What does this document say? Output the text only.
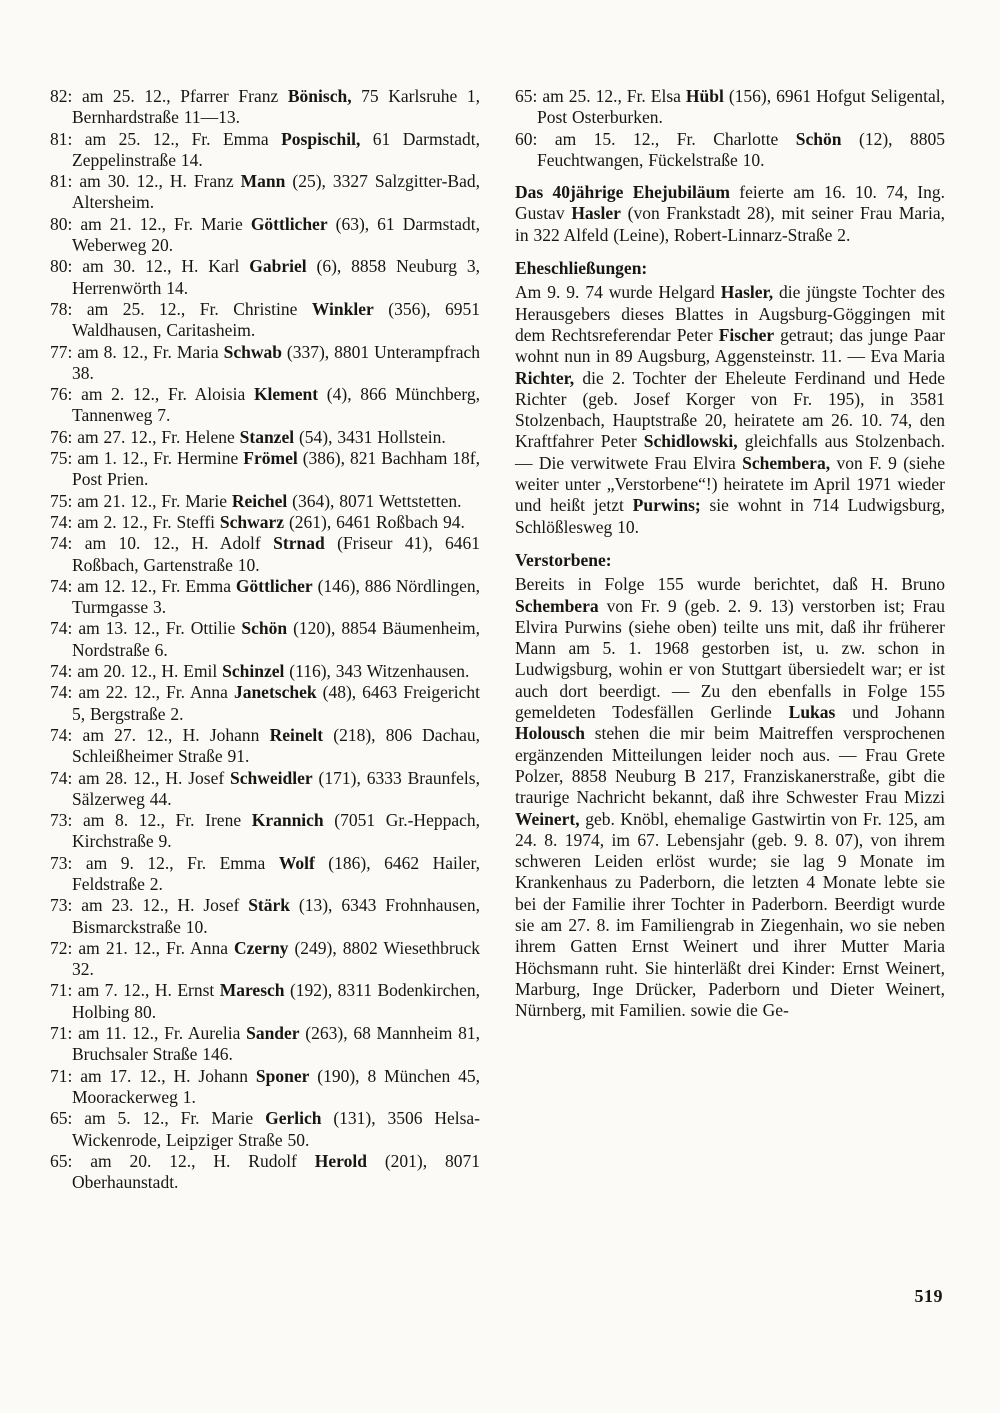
82: am 25. 12., Pfarrer Franz Bönisch, 75 Karlsruhe 1, Bernhardstraße 11—13.

81: am 25. 12., Fr. Emma Pospischil, 61 Darmstadt, Zeppelinstraße 14.

81: am 30. 12., H. Franz Mann (25), 3327 Salzgitter-Bad, Altersheim.

80: am 21. 12., Fr. Marie Göttlicher (63), 61 Darmstadt, Weberweg 20.

80: am 30. 12., H. Karl Gabriel (6), 8858 Neuburg 3, Herrenwörth 14.

78: am 25. 12., Fr. Christine Winkler (356), 6951 Waldhausen, Caritasheim.

77: am 8. 12., Fr. Maria Schwab (337), 8801 Unterampfrach 38.

76: am 2. 12., Fr. Aloisia Klement (4), 866 Münchberg, Tannenweg 7.

76: am 27. 12., Fr. Helene Stanzel (54), 3431 Hollstein.

75: am 1. 12., Fr. Hermine Frömel (386), 821 Bachham 18f, Post Prien.

75: am 21. 12., Fr. Marie Reichel (364), 8071 Wettstetten.

74: am 2. 12., Fr. Steffi Schwarz (261), 6461 Roßbach 94.

74: am 10. 12., H. Adolf Strnad (Friseur 41), 6461 Roßbach, Gartenstraße 10.

74: am 12. 12., Fr. Emma Göttlicher (146), 886 Nördlingen, Turmgasse 3.

74: am 13. 12., Fr. Ottilie Schön (120), 8854 Bäumenheim, Nordstraße 6.

74: am 20. 12., H. Emil Schinzel (116), 343 Witzenhausen.

74: am 22. 12., Fr. Anna Janetschek (48), 6463 Freigericht 5, Bergstraße 2.

74: am 27. 12., H. Johann Reinelt (218), 806 Dachau, Schleißheimer Straße 91.

74: am 28. 12., H. Josef Schweidler (171), 6333 Braunfels, Sälzerweg 44.

73: am 8. 12., Fr. Irene Krannich (7051 Gr.-Heppach, Kirchstraße 9.

73: am 9. 12., Fr. Emma Wolf (186), 6462 Hailer, Feldstraße 2.

73: am 23. 12., H. Josef Stärk (13), 6343 Frohnhausen, Bismarckstraße 10.

72: am 21. 12., Fr. Anna Czerny (249), 8802 Wiesethbruck 32.

71: am 7. 12., H. Ernst Maresch (192), 8311 Bodenkirchen, Holbing 80.

71: am 11. 12., Fr. Aurelia Sander (263), 68 Mannheim 81, Bruchsaler Straße 146.

71: am 17. 12., H. Johann Sponer (190), 8 München 45, Moorackerweg 1.

65: am 5. 12., Fr. Marie Gerlich (131), 3506 Helsa-Wickenrode, Leipziger Straße 50.

65: am 20. 12., H. Rudolf Herold (201), 8071 Oberhaunstadt.

65: am 25. 12., Fr. Elsa Hübl (156), 6961 Hofgut Seligental, Post Osterburken.

60: am 15. 12., Fr. Charlotte Schön (12), 8805 Feuchtwangen, Fückelstraße 10.

Das 40jährige Ehejubiläum feierte am 16. 10. 74, Ing. Gustav Hasler (von Frankstadt 28), mit seiner Frau Maria, in 322 Alfeld (Leine), Robert-Linnarz-Straße 2.

Eheschließungen:

Am 9. 9. 74 wurde Helgard Hasler, die jüngste Tochter des Herausgebers dieses Blattes in Augsburg-Göggingen mit dem Rechtsreferendar Peter Fischer getraut; das junge Paar wohnt nun in 89 Augsburg, Aggensteinstr. 11. — Eva Maria Richter, die 2. Tochter der Eheleute Ferdinand und Hede Richter (geb. Josef Korger von Fr. 195), in 3581 Stolzenbach, Hauptstraße 20, heiratete am 26. 10. 74, den Kraftfahrer Peter Schidlowski, gleichfalls aus Stolzenbach. — Die verwitwete Frau Elvira Schembera, von F. 9 (siehe weiter unter „Verstorbene“!) heiratete im April 1971 wieder und heißt jetzt Purwins; sie wohnt in 714 Ludwigsburg, Schlößlesweg 10.

Verstorbene:

Bereits in Folge 155 wurde berichtet, daß H. Bruno Schembera von Fr. 9 (geb. 2. 9. 13) verstorben ist; Frau Elvira Purwins (siehe oben) teilte uns mit, daß ihr früherer Mann am 5. 1. 1968 gestorben ist, u. zw. schon in Ludwigsburg, wohin er von Stuttgart übersiedelt war; er ist auch dort beerdigt. — Zu den ebenfalls in Folge 155 gemeldeten Todesfällen Gerlinde Lukas und Johann Holousch stehen die mir beim Maitreffen versprochenen ergänzenden Mitteilungen leider noch aus. — Frau Grete Polzer, 8858 Neuburg B 217, Franziskanerstraße, gibt die traurige Nachricht bekannt, daß ihre Schwester Frau Mizzi Weinert, geb. Knöbl, ehemalige Gastwirtin von Fr. 125, am 24. 8. 1974, im 67. Lebensjahr (geb. 9. 8. 07), von ihrem schweren Leiden erlöst wurde; sie lag 9 Monate im Krankenhaus zu Paderborn, die letzten 4 Monate lebte sie bei der Familie ihrer Tochter in Paderborn. Beerdigt wurde sie am 27. 8. im Familiengrab in Ziegenhain, wo sie neben ihrem Gatten Ernst Weinert und ihrer Mutter Maria Höchsmann ruht. Sie hinterläßt drei Kinder: Ernst Weinert, Marburg, Inge Drücker, Paderborn und Dieter Weinert, Nürnberg, mit Familien. sowie die Ge-

519
